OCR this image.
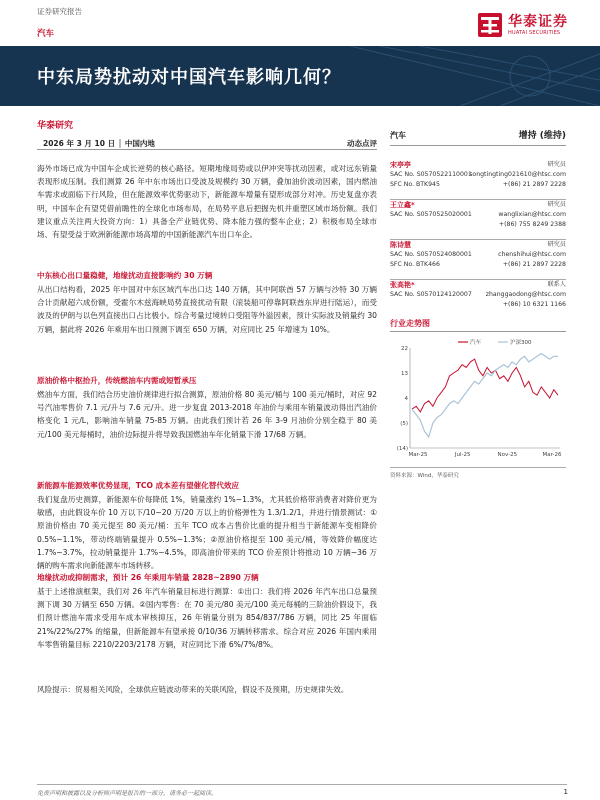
证券研究报告
汽车
华泰证券
HUATAI SECURITIES
中东局势扰动对中国汽车影响几何？
华泰研究
2026 年 3 月 10 日 │ 中国内地	动态点评
海外市场已成为中国车企成长逆势的核心路径。短期地缘局势或以伊冲突等扰动因素，或对远东销量表现形成压制。我们测算 26 年中东市场出口受波及规模约 30 万辆，叠加油价波动因素，国内燃油车需求或面临下行风险，但在能源效率优势驱动下，新能源车增量有望形成部分对冲。历史复盘亦表明，中国车企有望凭借前瞻性的全球化市场布局，在局势平息后把握先机并重塑区域市场份额。我们建议重点关注两大投资方向：1）具备全产业链优势、降本能力强的整车企业；2）积极布局全球市场、有望受益于欧洲新能源市场高增的中国新能源汽车出口车企。
中东核心出口量稳健，地缘扰动直接影响约 30 万辆
从出口结构看，2025 年中国对中东区域汽车出口达 140 万辆，其中阿联酋 57 万辆与沙特 30 万辆合计贡献超六成份额，受霍尔木兹海峡局势直接扰动有限（滚装船可停靠阿联酋东岸进行陆运），而受波及的伊朗与以色列直接出口占比极小。综合考量过境转口受阻等外溢因素，预计实际波及销量约 30 万辆，据此将 2026 年乘用车出口预测下调至 650 万辆，对应同比 25 年增速为 10%。
原油价格中枢抬升，传统燃油车内需或短暂承压
燃油车方面，我们结合历史油价规律进行拟合测算，原油价格 80 美元/桶与 100 美元/桶时，对应 92 号汽油零售价 7.1 元/升与 7.6 元/升。进一步复盘 2013-2018 年油价与乘用车销量波动得出汽油价格变化 1 元/L，影响油车销量 75-85 万辆。由此我们预计若 26 年 3-9 月油价分别全稳于 80 美元/100 美元每桶时，油价边际提升将导致我国燃油车年化销量下滑 17/68 万辆。
新能源车能源效率优势显现，TCO 成本差有望催化替代效应
我们复盘历史测算，新能源车价每降低 1%，销量涨约 1%~1.3%，尤其低价格带消费者对降价更为敏感，由此假设车价 10 万以下/10~20 万/20 万以上的价格弹性为 1.3/1.2/1，并进行情景测试：①原油价格由 70 美元提至 80 美元/桶：五年 TCO 成本占售价比重的提升相当于新能源车变相降价 0.5%~1.1%，带动终端销量提升 0.5%~1.3%；②原油价格提至 100 美元/桶，等效降价幅度达 1.7%~3.7%，拉动销量提升 1.7%~4.5%，即高油价带来的 TCO 价差预计将推动 10 万辆~36 万辆的购车需求向新能源车市场转移。
地缘扰动或抑制需求，预计 26 年乘用车销量 2828~2890 万辆
基于上述推演框架，我们对 26 年汽车销量目标进行测算：①出口：我们将 2026 年汽车出口总量预测下调 30 万辆至 650 万辆。②国内零售：在 70 美元/80 美元/100 美元每桶的三阶油价假设下，我们预计燃油车需求受用车成本审核抑压，26 年销量分别为 854/837/786 万辆，同比 25 年面临 21%/22%/27% 的缩量，但新能源车有望承接 0/10/36 万辆转移需求。综合对应 2026 年国内乘用车零售销量目标 2210/2203/2178 万辆，对应同比下滑 6%/7%/8%。
风险提示：贸易相关风险，全球供应链波动带来的关联风险，假设不及预期，历史规律失效。
汽车	增持 (维持)
宋亭亭	研究员
SAC No. S0570522110001
songtingting021610@htsc.com
SFC No. BTK945	+(86) 21 2897 2228
王立鑫*	研究员
SAC No. S0570525020001	wanglixian@htsc.com
+(86) 755 8249 2388
陈诗慧	研究员
SAC No. S0570524080001	chenshihui@htsc.com
SFC No. BTK466	+(86) 21 2897 2228
张高艳*	联系人
SAC No. S0570124120007 zhanggaodong@htsc.com
+(86) 10 6321 1166
行业走势图
(14)
(5)
4
13
22
Mar-25	Jul-25	Nov-25	Mar-26
汽车	沪深300
资料来源：Wind，华泰研究
免责声明和披露以及分析师声明是报告的一部分，请务必一起阅读。	1
